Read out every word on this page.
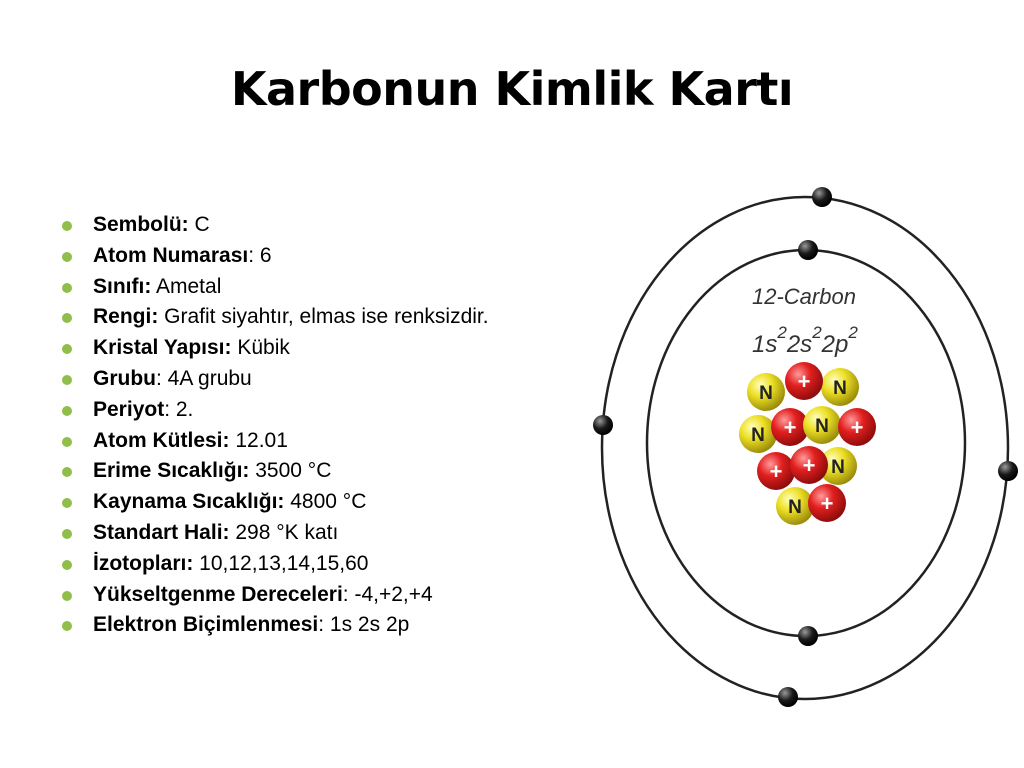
Karbonun Kimlik Kartı
Sembolü: C
Atom Numarası: 6
Sınıfı: Ametal
Rengi: Grafit siyahtır, elmas ise renksizdir.
Kristal Yapısı: Kübik
Grubu: 4A grubu
Periyot: 2.
Atom Kütlesi: 12.01
Erime Sıcaklığı: 3500 °C
Kaynama Sıcaklığı: 4800 °C
Standart Hali: 298 °K katı
İzotopları: 10,12,13,14,15,60
Yükseltgenme Dereceleri: -4,+2,+4
Elektron Biçimlenmesi: 1s 2s 2p
12-Carbon
$1s^22s^22p^2$
N	N
+
N + N +
+	N
+
N +
